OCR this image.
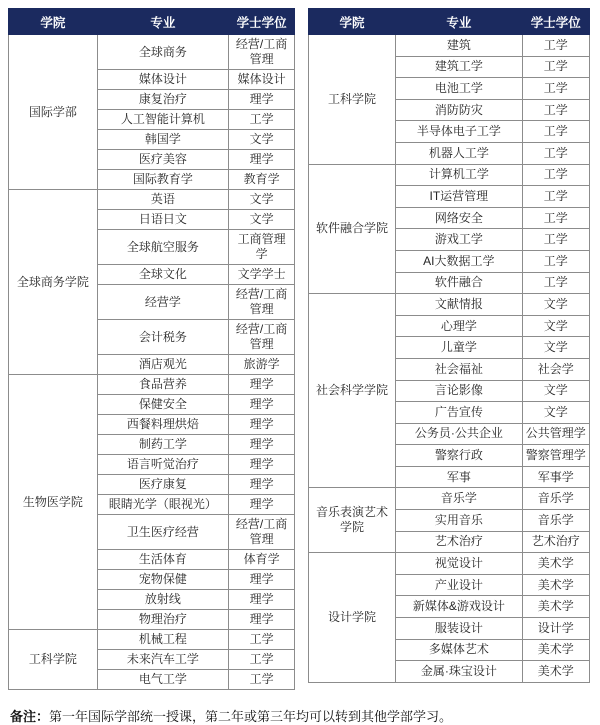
学院	专业	学士学位
国际学部	全球商务	经营/工商管理
	媒体设计	媒体设计
	康复治疗	理学
	人工智能计算机	工学
	韩国学	文学
	医疗美容	理学
	国际教育学	教育学
全球商务学院	英语	文学
	日语日文	文学
	全球航空服务	工商管理学
	全球文化	文学学士
	经营学	经营/工商管理
	会计税务	经营/工商管理
	酒店观光	旅游学
生物医学院	食品营养	理学
	保健安全	理学
	西餐料理烘焙	理学
	制药工学	理学
	语言听觉治疗	理学
	医疗康复	理学
	眼睛光学（眼视光）	理学
	卫生医疗经营	经营/工商管理
	生活体育	体育学
	宠物保健	理学
	放射线	理学
	物理治疗	理学
工科学院	机械工程	工学
	未来汽车工学	工学
	电气工学	工学
学院	专业	学士学位
工科学院	建筑	工学
	建筑工学	工学
	电池工学	工学
	消防防灾	工学
	半导体电子工学	工学
	机器人工学	工学
软件融合学院	计算机工学	工学
	IT运营管理	工学
	网络安全	工学
	游戏工学	工学
	AI大数据工学	工学
	软件融合	工学
社会科学学院	文献情报	文学
	心理学	文学
	儿童学	文学
	社会福祉	社会学
	言论影像	文学
	广告宣传	文学
	公务员·公共企业	公共管理学
	警察行政	警察管理学
	军事	军事学
音乐表演艺术学院	音乐学	音乐学
	实用音乐	音乐学
	艺术治疗	艺术治疗
设计学院	视觉设计	美术学
	产业设计	美术学
	新媒体&游戏设计	美术学
	服装设计	设计学
	多媒体艺术	美术学
	金属·珠宝设计	美术学
备注：第一年国际学部统一授课，第二年或第三年均可以转到其他学部学习。
